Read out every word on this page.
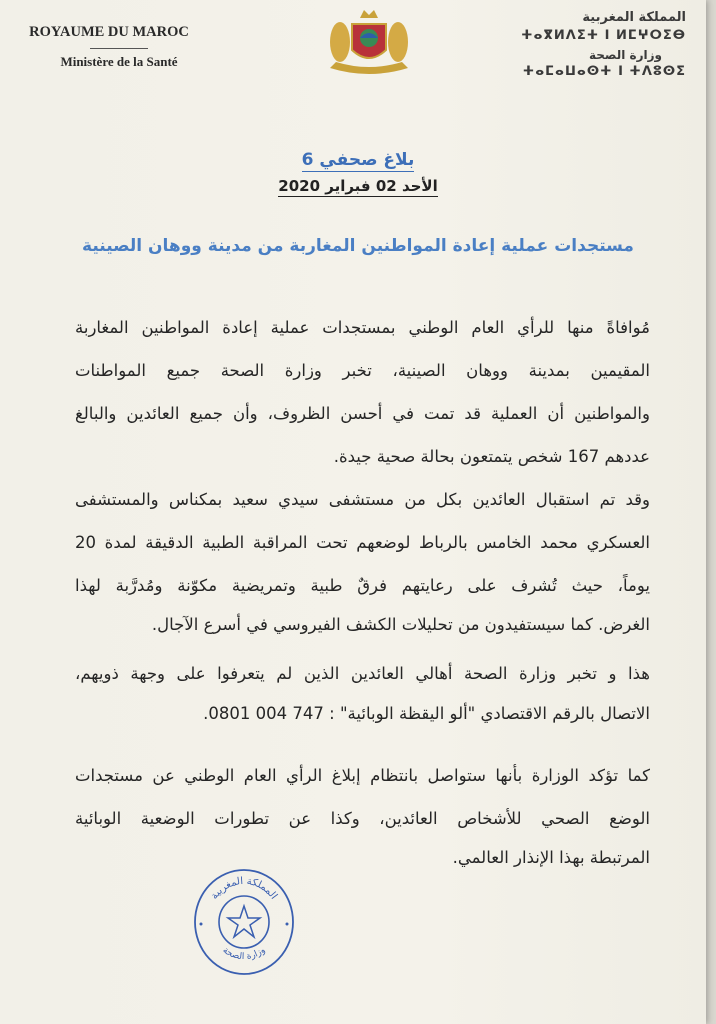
ROYAUME DU MAROC
Ministère de la Santé
المملكة المغربية
ⵜⴰⴳⵍⴷⵉⵜ ⵏ ⵍⵎⵖⵔⵉⴱ
وزارة الصحة
ⵜⴰⵎⴰⵡⴰⵙⵜ ⵏ ⵜⴷⵓⵙⵉ
بلاغ صحفي 6
الأحد 02 فبراير 2020
مستجدات عملية إعادة المواطنين المغاربة من مدينة ووهان الصينية
مُوافاةً منها للرأي العام الوطني بمستجدات عملية إعادة المواطنين المغاربة
المقيمين بمدينة ووهان الصينية، تخبر وزارة الصحة جميع المواطنات
والمواطنين أن العملية قد تمت في أحسن الظروف، وأن جميع العائدين والبالغ
عددهم 167 شخص يتمتعون بحالة صحية جيدة.
وقد تم استقبال العائدين بكل من مستشفى سيدي سعيد بمكناس والمستشفى
العسكري محمد الخامس بالرباط لوضعهم تحت المراقبة الطبية الدقيقة لمدة 20
يوماً، حيث تُشرف على رعايتهم فرقٌ طبية وتمريضية مكوّنة ومُدرَّبة لهذا
الغرض. كما سيستفيدون من تحليلات الكشف الفيروسي في أسرع الآجال.
هذا و تخبر وزارة الصحة أهالي العائدين الذين لم يتعرفوا على وجهة ذويهم،
الاتصال بالرقم الاقتصادي "ألو اليقظة الوبائية" : 747 004 0801.
كما تؤكد الوزارة بأنها ستواصل بانتظام إبلاغ الرأي العام الوطني عن مستجدات
الوضع الصحي للأشخاص العائدين، وكذا عن تطورات الوضعية الوبائية
المرتبطة بهذا الإنذار العالمي.
المملكة المغربية
وزارة الصحة
